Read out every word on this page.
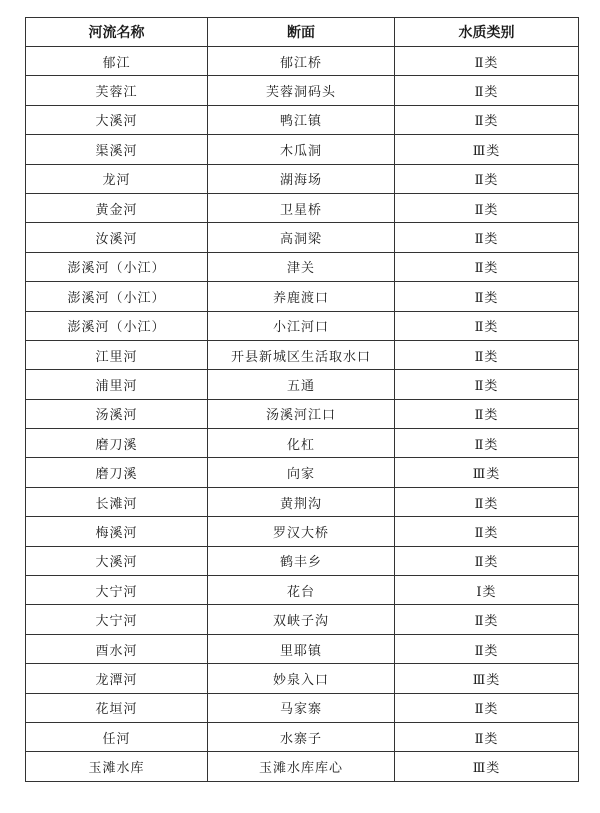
河流名称	断面	水质类别
郁江	郁江桥	Ⅱ类
芙蓉江	芙蓉洞码头	Ⅱ类
大溪河	鸭江镇	Ⅱ类
渠溪河	木瓜洞	Ⅲ类
龙河	湖海场	Ⅱ类
黄金河	卫星桥	Ⅱ类
汝溪河	高洞梁	Ⅱ类
澎溪河（小江）	津关	Ⅱ类
澎溪河（小江）	养鹿渡口	Ⅱ类
澎溪河（小江）	小江河口	Ⅱ类
江里河	开县新城区生活取水口	Ⅱ类
浦里河	五通	Ⅱ类
汤溪河	汤溪河江口	Ⅱ类
磨刀溪	化杠	Ⅱ类
磨刀溪	向家	Ⅲ类
长滩河	黄荆沟	Ⅱ类
梅溪河	罗汉大桥	Ⅱ类
大溪河	鹤丰乡	Ⅱ类
大宁河	花台	Ⅰ类
大宁河	双峡子沟	Ⅱ类
酉水河	里耶镇	Ⅱ类
龙潭河	妙泉入口	Ⅲ类
花垣河	马家寨	Ⅱ类
任河	水寨子	Ⅱ类
玉滩水库	玉滩水库库心	Ⅲ类
